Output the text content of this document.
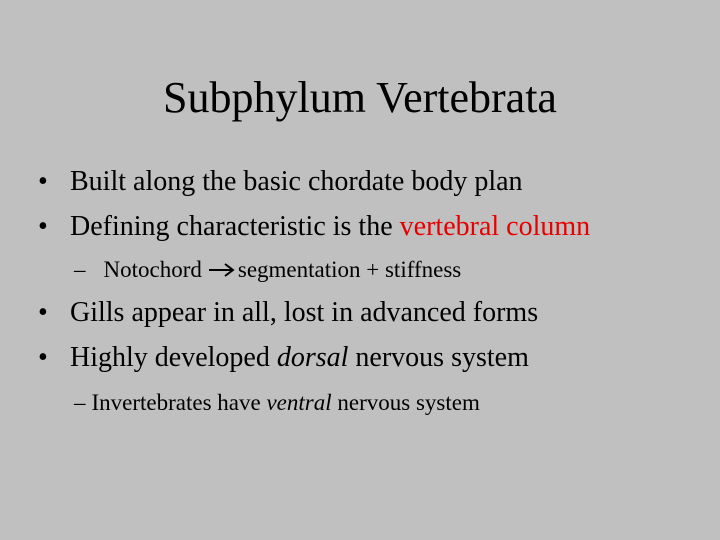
Subphylum Vertebrata
• Built along the basic chordate body plan
• Defining characteristic is the vertebral column
– Notochord segmentation + stiffness
• Gills appear in all, lost in advanced forms
• Highly developed dorsal nervous system
– Invertebrates have ventral nervous system
